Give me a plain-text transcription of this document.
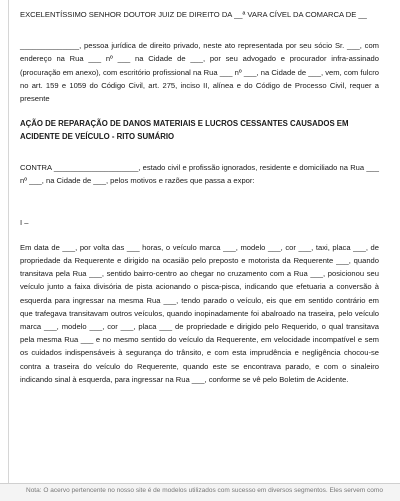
EXCELENTÍSSIMO SENHOR DOUTOR JUIZ DE DIREITO DA __ª VARA CÍVEL DA COMARCA DE __

______________, pessoa jurídica de direito privado, neste ato representada por seu sócio Sr. ___, com endereço na Rua ___ nº ___ na Cidade de ___, por seu advogado e procurador infra-assinado (procuração em anexo), com escritório profissional na Rua ___ nº ___, na Cidade de ___, vem, com fulcro no art. 159 e 1059 do Código Civil, art. 275, inciso II, alínea e do Código de Processo Civil, requer a presente

AÇÃO DE REPARAÇÃO DE DANOS MATERIAIS E LUCROS CESSANTES CAUSADOS EM ACIDENTE DE VEÍCULO - RITO SUMÁRIO

CONTRA ____________________, estado civil e profissão ignorados, residente e domiciliado na Rua ___ nº ___, na Cidade de ___, pelos motivos e razões que passa a expor:

I –

Em data de ___, por volta das ___ horas, o veículo marca ___, modelo ___, cor ___, taxi, placa ___, de propriedade da Requerente e dirigido na ocasião pelo preposto e motorista da Requerente ___, quando transitava pela Rua ___, sentido bairro-centro ao chegar no cruzamento com a Rua ___, posicionou seu veículo junto a faixa divisória de pista acionando o pisca-pisca, indicando que efetuaria a conversão à esquerda para ingressar na mesma Rua ___, tendo parado o veículo, eis que em sentido contrário em que trafegava transitavam outros veículos, quando inopinadamente foi abalroado na traseira, pelo veículo marca ___, modelo ___, cor ___, placa ___ de propriedade e dirigido pelo Requerido, o qual transitava pela mesma Rua ___ e no mesmo sentido do veículo da Requerente, em velocidade incompatível e sem os cuidados indispensáveis à segurança do trânsito, e com esta imprudência e negligência chocou-se contra a traseira do veículo do Requerente, quando este se encontrava parado, e com o sinaleiro indicando sinal à esquerda, para ingressar na Rua ___, conforme se vê pelo Boletim de Acidente.

Nota: O acervo pertencente no nosso site é de modelos utilizados com sucesso em diversos segmentos. Eles servem como
